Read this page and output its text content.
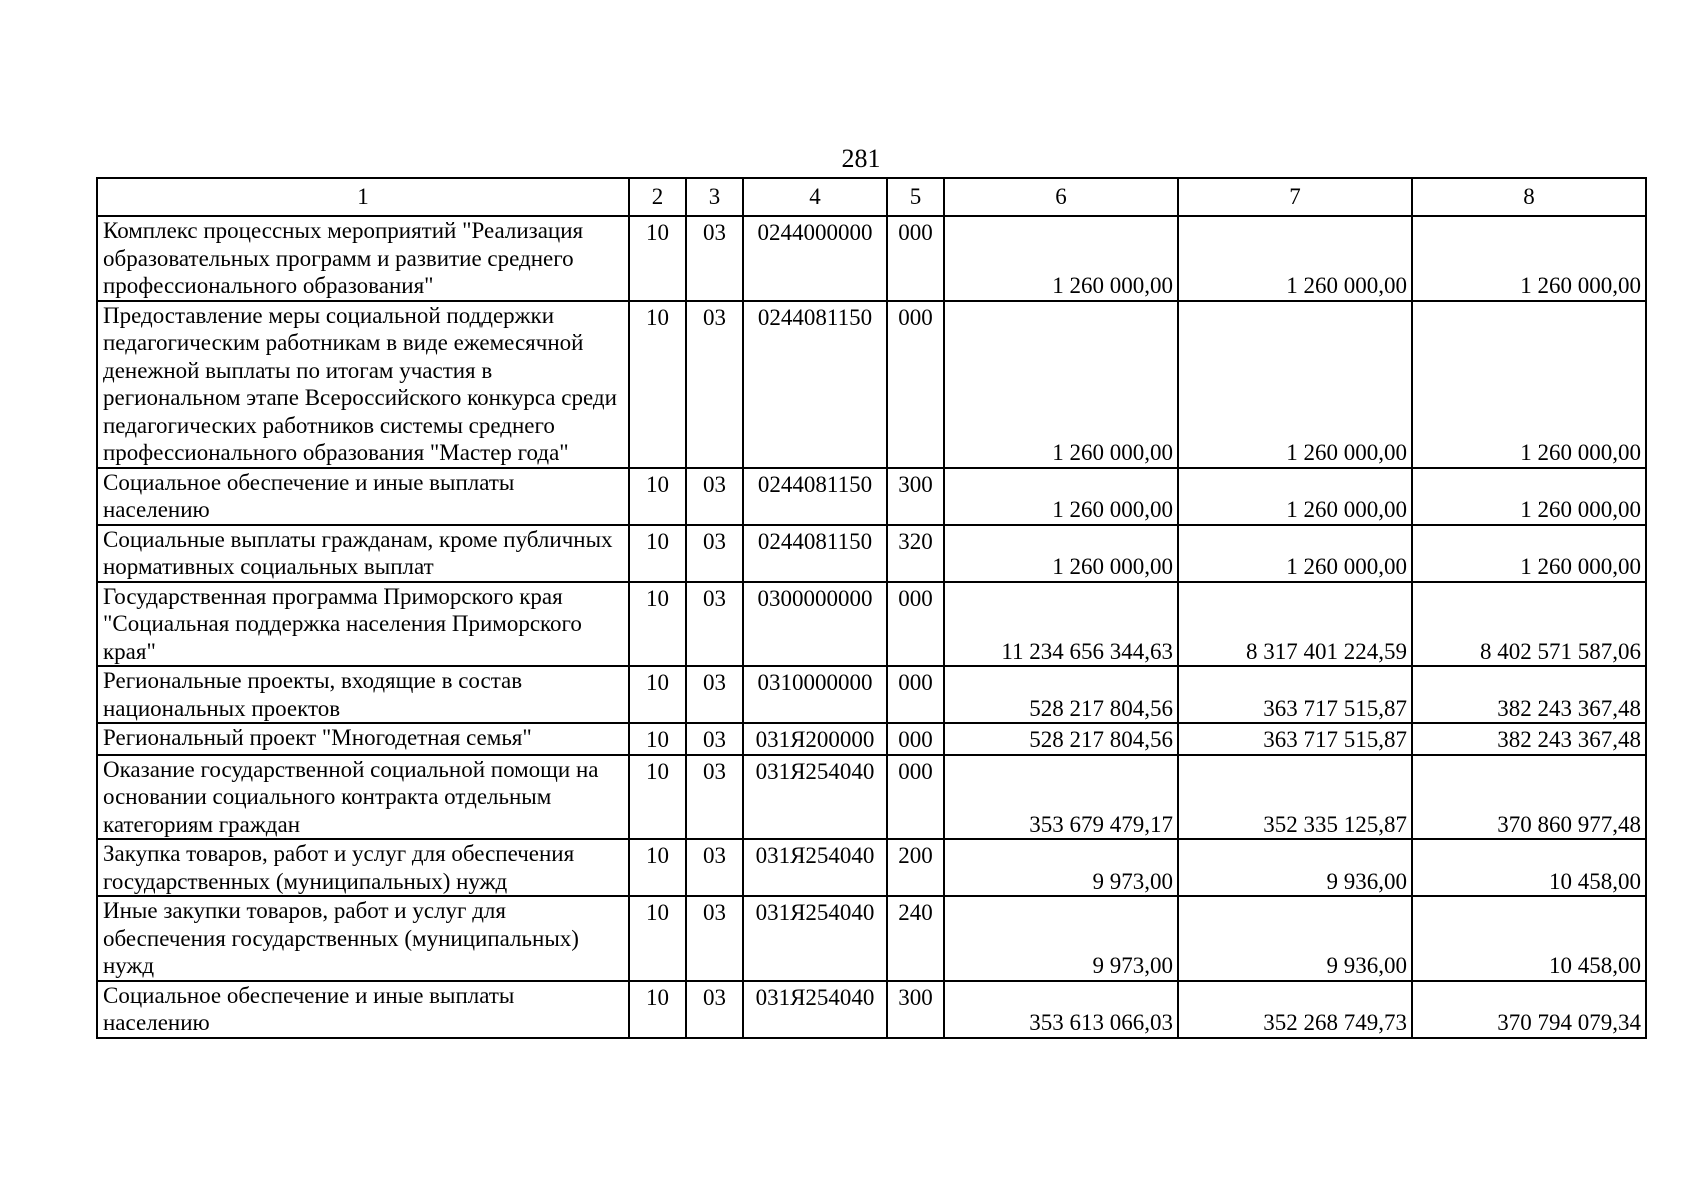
281
1	2	3	4	5	6	7	8
Комплекс процессных мероприятий "Реализация образовательных программ и развитие среднего профессионального образования"	10	03	0244000000	000	1 260 000,00	1 260 000,00	1 260 000,00
Предоставление меры социальной поддержки педагогическим работникам в виде ежемесячной денежной выплаты по итогам участия в региональном этапе Всероссийского конкурса среди педагогических работников системы среднего профессионального образования "Мастер года"	10	03	0244081150	000	1 260 000,00	1 260 000,00	1 260 000,00
Социальное обеспечение и иные выплаты населению	10	03	0244081150	300	1 260 000,00	1 260 000,00	1 260 000,00
Социальные выплаты гражданам, кроме публичных нормативных социальных выплат	10	03	0244081150	320	1 260 000,00	1 260 000,00	1 260 000,00
Государственная программа Приморского края "Социальная поддержка населения Приморского края"	10	03	0300000000	000	11 234 656 344,63	8 317 401 224,59	8 402 571 587,06
Региональные проекты, входящие в состав национальных проектов	10	03	0310000000	000	528 217 804,56	363 717 515,87	382 243 367,48
Региональный проект "Многодетная семья"	10	03	031Я200000	000	528 217 804,56	363 717 515,87	382 243 367,48
Оказание государственной социальной помощи на основании социального контракта отдельным категориям граждан	10	03	031Я254040	000	353 679 479,17	352 335 125,87	370 860 977,48
Закупка товаров, работ и услуг для обеспечения государственных (муниципальных) нужд	10	03	031Я254040	200	9 973,00	9 936,00	10 458,00
Иные закупки товаров, работ и услуг для обеспечения государственных (муниципальных) нужд	10	03	031Я254040	240	9 973,00	9 936,00	10 458,00
Социальное обеспечение и иные выплаты населению	10	03	031Я254040	300	353 613 066,03	352 268 749,73	370 794 079,34
